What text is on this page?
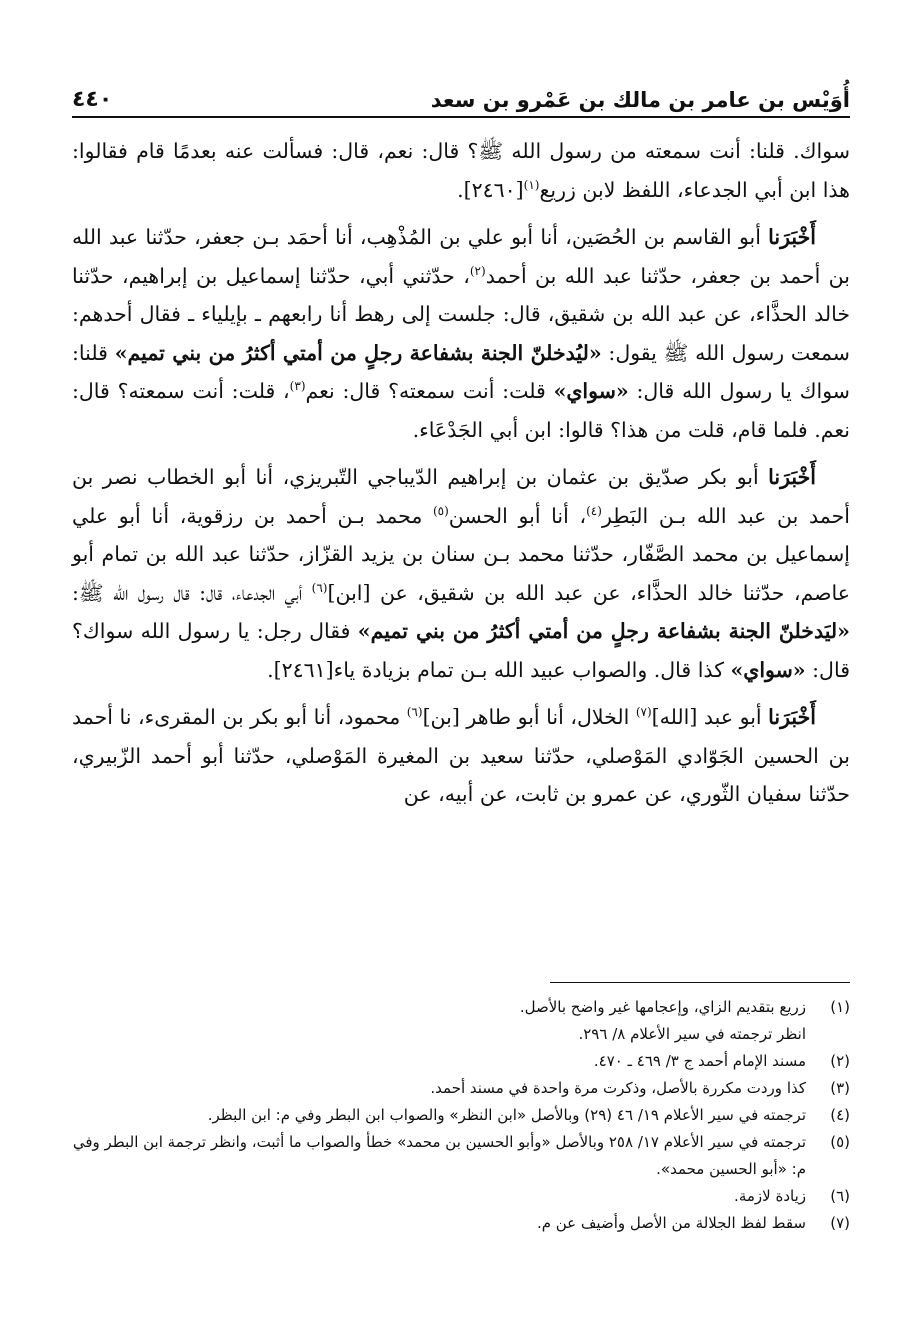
أُوَيْس بن عامر بن مالك بن عَمْرو بن سعد
٤٤٠

سواك. قلنا: أنت سمعته من رسول الله ﷺ؟ قال: نعم، قال: فسألت عنه بعدمًا قام فقالوا: هذا ابن أبي الجدعاء، اللفظ لابن زريع$^{(١)}$[٢٤٦٠].

أَخْبَرَنا أبو القاسم بن الحُصَين، أنا أبو علي بن المُذْهِب، أنا أحمَد بـن جعفر، حدّثنا عبد الله بن أحمد بن جعفر، حدّثنا عبد الله بن أحمد$^{(٢)}$، حدّثني أبي، حدّثنا إسماعيل بن إبراهيم، حدّثنا خالد الحذَّاء، عن عبد الله بن شقيق، قال: جلست إلى رهط أنا رابعهم ـ بإيلياء ـ فقال أحدهم: سمعت رسول الله ﷺ يقول: «ليُدخلنّ الجنة بشفاعة رجلٍ من أمتي أكثرُ من بني تميم» قلنا: سواك يا رسول الله قال: «سواي» قلت: أنت سمعته؟ قال: نعم$^{(٣)}$، قلت: أنت سمعته؟ قال: نعم. فلما قام، قلت من هذا؟ قالوا: ابن أبي الجَدْعَاء.

أَخْبَرَنا أبو بكر صدّيق بن عثمان بن إبراهيم الدّيباجي التّبريزي، أنا أبو الخطاب نصر بن أحمد بن عبد الله بـن البَطِر$^{(٤)}$، أنا أبو الحسن$^{(٥)}$ محمد بـن أحمد بن رزقوية، أنا أبو علي إسماعيل بن محمد الصَّفّار، حدّثنا محمد بـن سنان بن يزيد القزّاز، حدّثنا عبد الله بن تمام أبو عاصم، حدّثنا خالد الحذَّاء، عن عبد الله بن شقيق، عن [ابن]$^{(٦)}$ أبي الجدعاء، قال: قال رسول الله ﷺ: «ليَدخلنّ الجنة بشفاعة رجلٍ من أمتي أكثرُ من بني تميم» فقال رجل: يا رسول الله سواك؟ قال: «سواي» كذا قال. والصواب عبيد الله بـن تمام بزيادة ياء[٢٤٦١].

أَخْبَرَنا أبو عبد [الله]$^{(٧)}$ الخلال، أنا أبو طاهر [بن]$^{(٦)}$ محمود، أنا أبو بكر بن المقرىء، نا أحمد بن الحسين الجَوّادي المَوْصلي، حدّثنا سعيد بن المغيرة المَوْصلي، حدّثنا أبو أحمد الزّبيري، حدّثنا سفيان الثّوري، عن عمرو بن ثابت، عن أبيه، عن

(١)
زريع بتقديم الزاي، وإعجامها غير واضح بالأصل.
انظر ترجمته في سير الأعلام ٨/ ٢٩٦.
(٢)
مسند الإمام أحمد ج ٣/ ٤٦٩ ـ ٤٧٠.
(٣)
كذا وردت مكررة بالأصل، وذكرت مرة واحدة في مسند أحمد.
(٤)
ترجمته في سير الأعلام ١٩/ ٤٦ (٢٩) وبالأصل «ابن النظر» والصواب ابن البطر وفي م: ابن البظر.
(٥)
ترجمته في سير الأعلام ١٧/ ٢٥٨ وبالأصل «وأبو الحسين بن محمد» خطأ والصواب ما أثبت، وانظر ترجمة ابن البطر وفي م: «أبو الحسين محمد».
(٦)
زيادة لازمة.
(٧)
سقط لفظ الجلالة من الأصل وأضيف عن م.
